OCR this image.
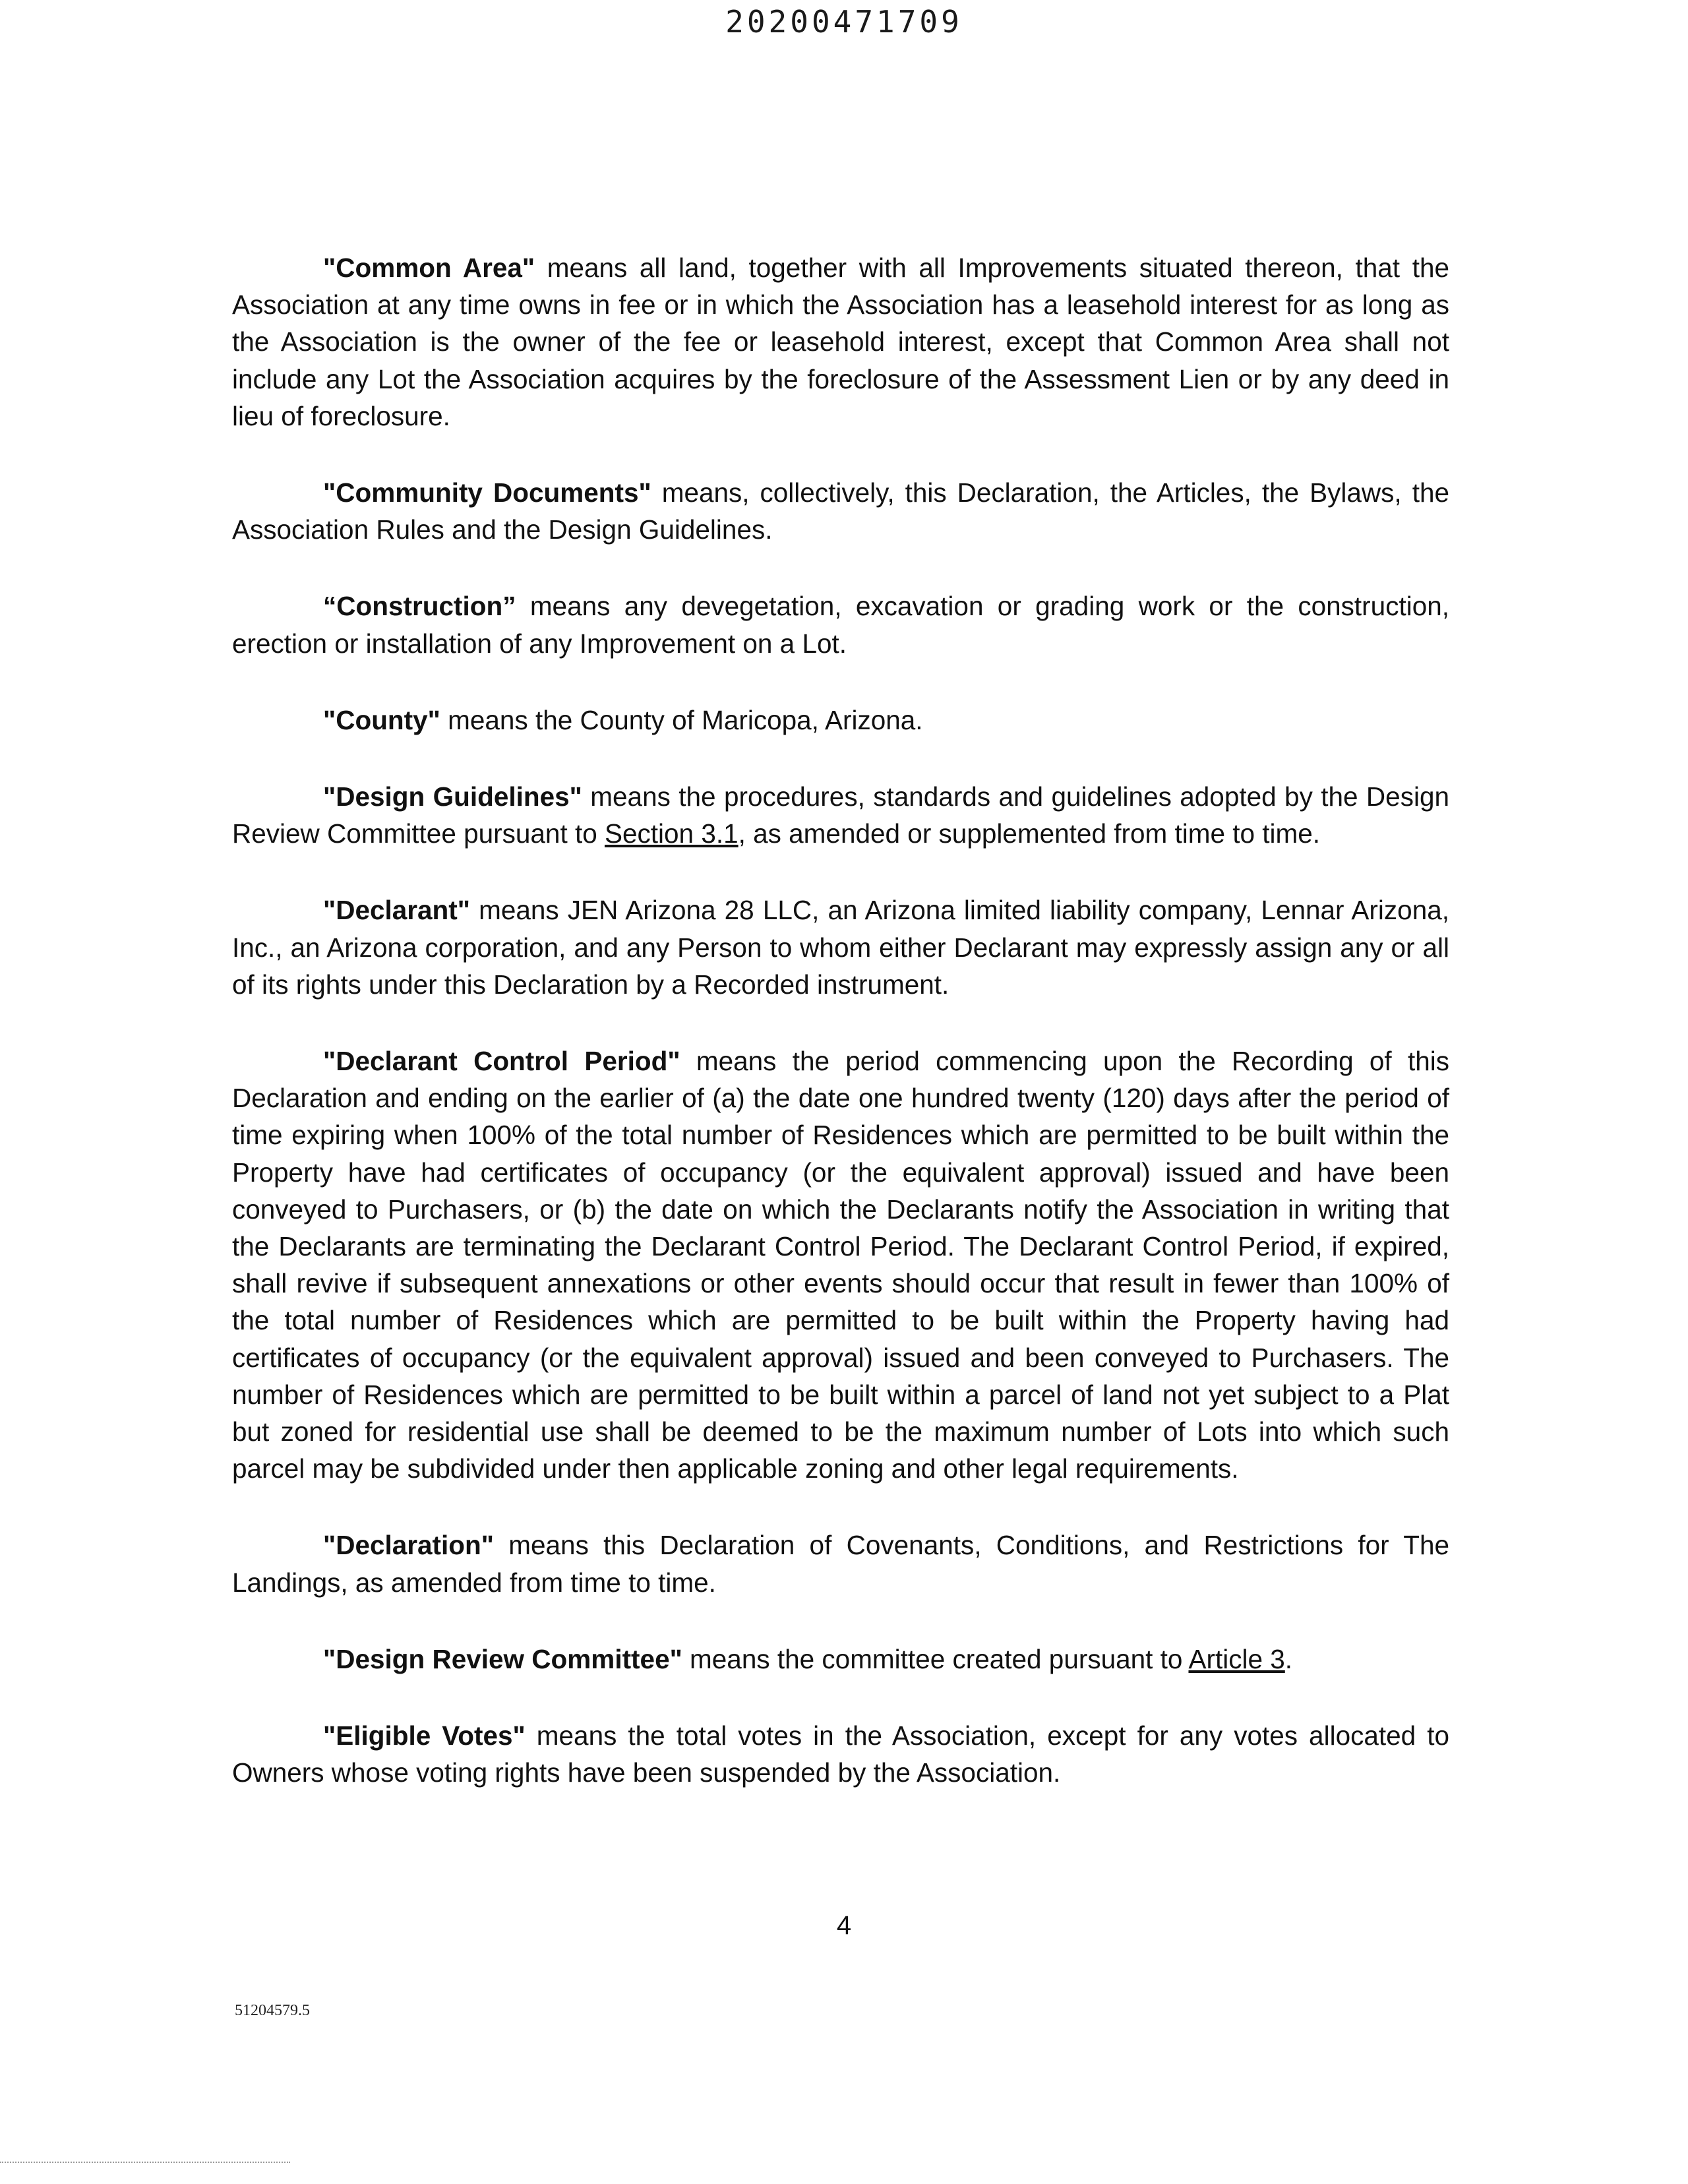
20200471709

"Common Area" means all land, together with all Improvements situated thereon, that the Association at any time owns in fee or in which the Association has a leasehold interest for as long as the Association is the owner of the fee or leasehold interest, except that Common Area shall not include any Lot the Association acquires by the foreclosure of the Assessment Lien or by any deed in lieu of foreclosure.

"Community Documents" means, collectively, this Declaration, the Articles, the Bylaws, the Association Rules and the Design Guidelines.

“Construction” means any devegetation, excavation or grading work or the construction, erection or installation of any Improvement on a Lot.

"County" means the County of Maricopa, Arizona.

"Design Guidelines" means the procedures, standards and guidelines adopted by the Design Review Committee pursuant to Section 3.1, as amended or supplemented from time to time.

"Declarant" means JEN Arizona 28 LLC, an Arizona limited liability company, Lennar Arizona, Inc., an Arizona corporation, and any Person to whom either Declarant may expressly assign any or all of its rights under this Declaration by a Recorded instrument.

"Declarant Control Period" means the period commencing upon the Recording of this Declaration and ending on the earlier of (a) the date one hundred twenty (120) days after the period of time expiring when 100% of the total number of Residences which are permitted to be built within the Property have had certificates of occupancy (or the equivalent approval) issued and have been conveyed to Purchasers, or (b) the date on which the Declarants notify the Association in writing that the Declarants are terminating the Declarant Control Period. The Declarant Control Period, if expired, shall revive if subsequent annexations or other events should occur that result in fewer than 100% of the total number of Residences which are permitted to be built within the Property having had certificates of occupancy (or the equivalent approval) issued and been conveyed to Purchasers. The number of Residences which are permitted to be built within a parcel of land not yet subject to a Plat but zoned for residential use shall be deemed to be the maximum number of Lots into which such parcel may be subdivided under then applicable zoning and other legal requirements.

"Declaration" means this Declaration of Covenants, Conditions, and Restrictions for The Landings, as amended from time to time.

"Design Review Committee" means the committee created pursuant to Article 3.

"Eligible Votes" means the total votes in the Association, except for any votes allocated to Owners whose voting rights have been suspended by the Association.

4
51204579.5
